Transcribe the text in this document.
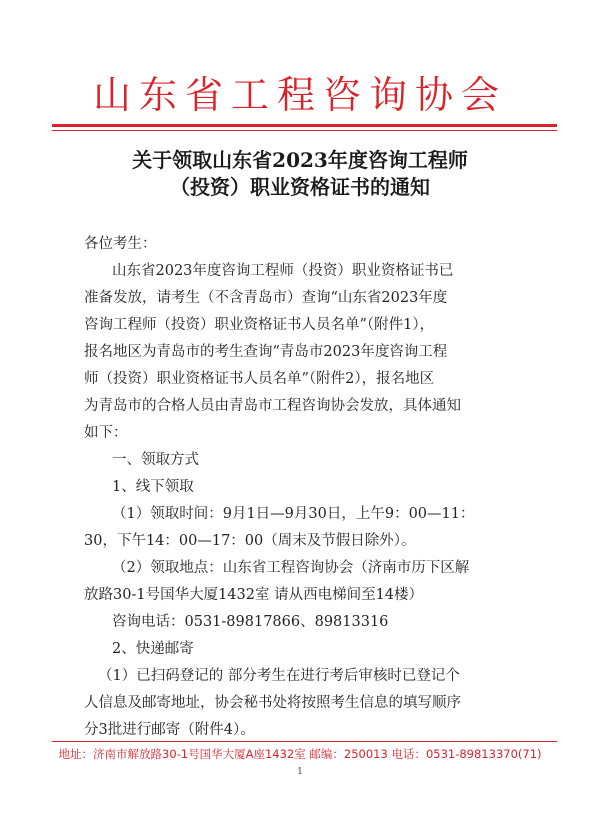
山东省工程咨询协会
关于领取山东省2023年度咨询工程师
（投资）职业资格证书的通知
各位考生：
山东省2023年度咨询工程师（投资）职业资格证书已
准备发放，请考生（不含青岛市）查询“山东省2023年度
咨询工程师（投资）职业资格证书人员名单”（附件1），
报名地区为青岛市的考生查询“青岛市2023年度咨询工程
师（投资）职业资格证书人员名单”（附件2），报名地区
为青岛市的合格人员由青岛市工程咨询协会发放，具体通知
如下：
一、领取方式
1、线下领取
（1）领取时间：9月1日—9月30日，上午9：00—11：
30，下午14：00—17：00（周末及节假日除外）。
（2）领取地点：山东省工程咨询协会（济南市历下区解
放路30-1号国华大厦1432室 请从西电梯间至14楼）
咨询电话：0531-89817866、89813316
2、快递邮寄
（1）已扫码登记的 部分考生在进行考后审核时已登记个
人信息及邮寄地址，协会秘书处将按照考生信息的填写顺序
分3批进行邮寄（附件4）。
地址：济南市解放路30-1号国华大厦A座1432室 邮编：250013 电话：0531-89813370(71)
1
